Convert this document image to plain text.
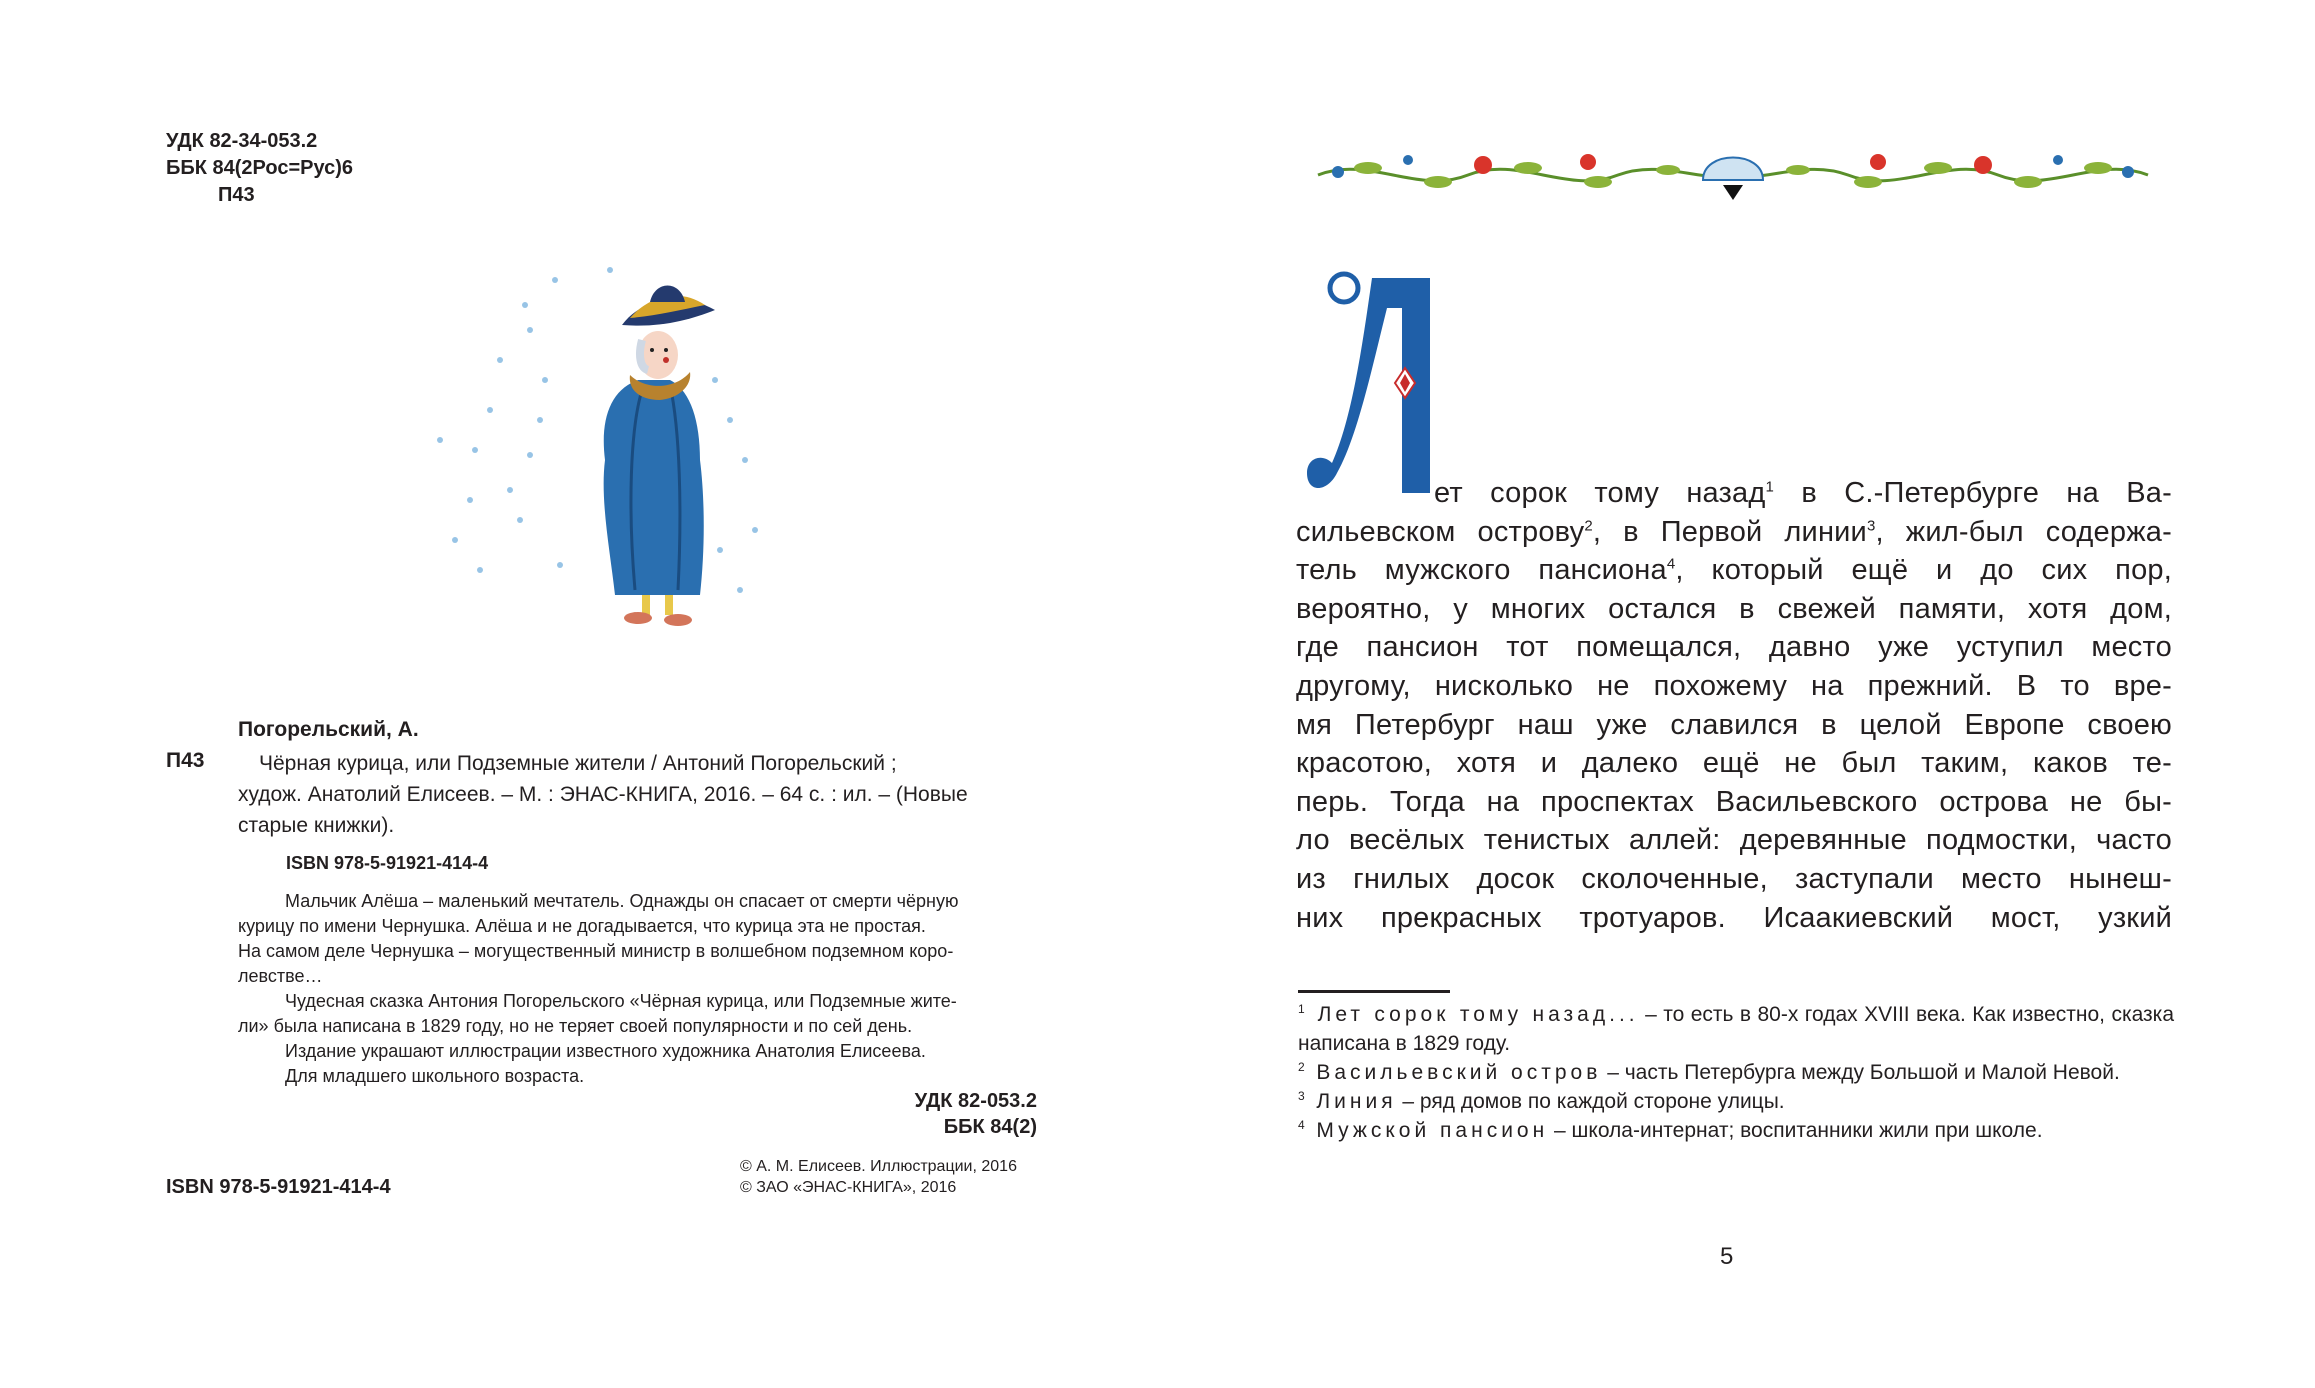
УДК 82-34-053.2
ББК 84(2Рос=Рус)6
П43
Погорельский, А.
П43	Чёрная курица, или Подземные жители / Антоний Погорельский ;
худож. Анатолий Елисеев. – М. : ЭНАС-КНИГА, 2016. – 64 с. : ил. – (Новые
старые книжки).
ISBN 978-5-91921-414-4

Мальчик Алёша – маленький мечтатель. Однажды он спасает от смерти чёрную

курицу по имени Чернушка. Алёша и не догадывается, что курица эта не простая.

На самом деле Чернушка – могущественный министр в волшебном подземном коро-

левстве…

Чудесная сказка Антония Погорельского «Чёрная курица, или Подземные жите-

ли» была написана в 1829 году, но не теряет своей популярности и по сей день.

Издание украшают иллюстрации известного художника Анатолия Елисеева.

Для младшего школьного возраста.

УДК 82-053.2
ББК 84(2)
ISBN 978-5-91921-414-4
© А. М. Елисеев. Иллюстрации, 2016
© ЗАО «ЭНАС-КНИГА», 2016
ет сорок тому назад$^1$ в С.-Петербурге на Ва-
сильевском острову$^2$, в Первой линии$^3$, жил-был содержа-
тель мужского пансиона$^4$, который ещё и до сих пор,
вероятно, у многих остался в свежей памяти, хотя дом,
где пансион тот помещался, давно уже уступил место
другому, нисколько не похожему на прежний. В то вре-
мя Петербург наш уже славился в целой Европе своею
красотою, хотя и далеко ещё не был таким, каков те-
перь. Тогда на проспектах Васильевского острова не бы-
ло весёлых тенистых аллей: деревянные подмостки, часто
из гнилых досок сколоченные, заступали место нынеш-
них прекрасных тротуаров. Исаакиевский мост, узкий

$^1$ Лет сорок тому назад... – то есть в 80-х годах XVIII века. Как известно, сказка написана в 1829 году.

$^2$ Васильевский остров – часть Петербурга между Большой и Малой Невой.

$^3$ Линия – ряд домов по каждой стороне улицы.

$^4$ Мужской пансион – школа-интернат; воспитанники жили при школе.

5
